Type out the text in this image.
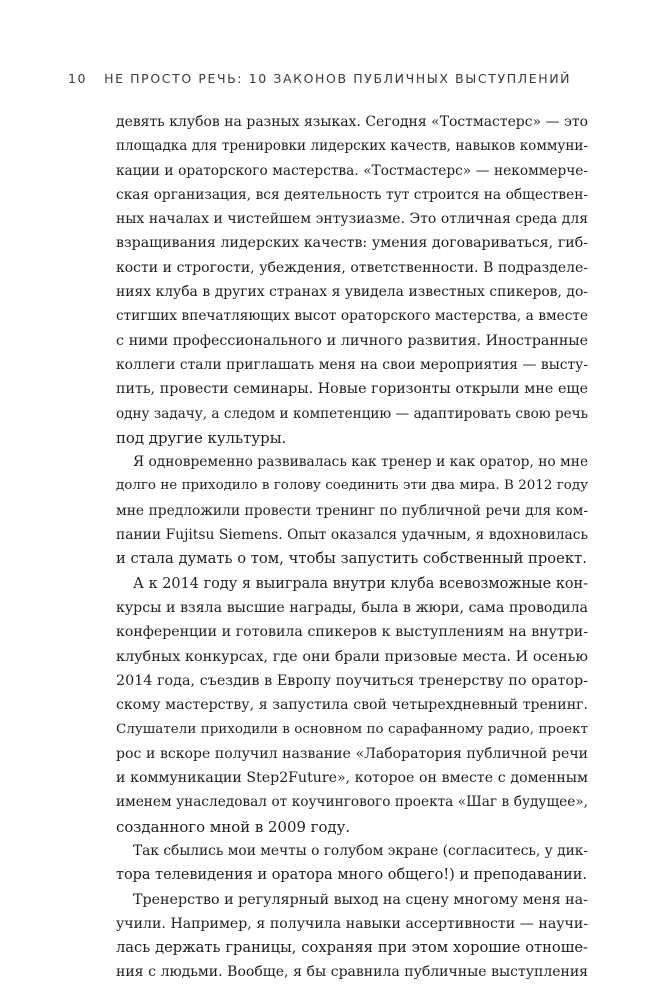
10 НЕ ПРОСТО РЕЧЬ: 10 ЗАКОНОВ ПУБЛИЧНЫХ ВЫСТУПЛЕНИЙ
девять клубов на разных языках. Сегодня «Тостмастерс» — это
площадка для тренировки лидерских качеств, навыков коммуни-
кации и ораторского мастерства. «Тостмастерс» — некоммерче-
ская организация, вся деятельность тут строится на обществен-
ных началах и чистейшем энтузиазме. Это отличная среда для
взращивания лидерских качеств: умения договариваться, гиб-
кости и строгости, убеждения, ответственности. В подразделе-
ниях клуба в других странах я увидела известных спикеров, до-
стигших впечатляющих высот ораторского мастерства, а вместе
с ними профессионального и личного развития. Иностранные
коллеги стали приглашать меня на свои мероприятия — высту-
пить, провести семинары. Новые горизонты открыли мне еще
одну задачу, а следом и компетенцию — адаптировать свою речь
под другие культуры.
Я одновременно развивалась как тренер и как оратор, но мне
долго не приходило в голову соединить эти два мира. В 2012 году
мне предложили провести тренинг по публичной речи для ком-
пании Fujitsu Siemens. Опыт оказался удачным, я вдохновилась
и стала думать о том, чтобы запустить собственный проект.
А к 2014 году я выиграла внутри клуба всевозможные кон-
курсы и взяла высшие награды, была в жюри, сама проводила
конференции и готовила спикеров к выступлениям на внутри-
клубных конкурсах, где они брали призовые места. И осенью
2014 года, съездив в Европу поучиться тренерству по оратор-
скому мастерству, я запустила свой четырехдневный тренинг.
Слушатели приходили в основном по сарафанному радио, проект
рос и вскоре получил название «Лаборатория публичной речи
и коммуникации Step2Future», которое он вместе с доменным
именем унаследовал от коучингового проекта «Шаг в будущее»,
созданного мной в 2009 году.
Так сбылись мои мечты о голубом экране (согласитесь, у дик-
тора телевидения и оратора много общего!) и преподавании.
Тренерство и регулярный выход на сцену многому меня на-
учили. Например, я получила навыки ассертивности — научи-
лась держать границы, сохраняя при этом хорошие отноше-
ния с людьми. Вообще, я бы сравнила публичные выступления
